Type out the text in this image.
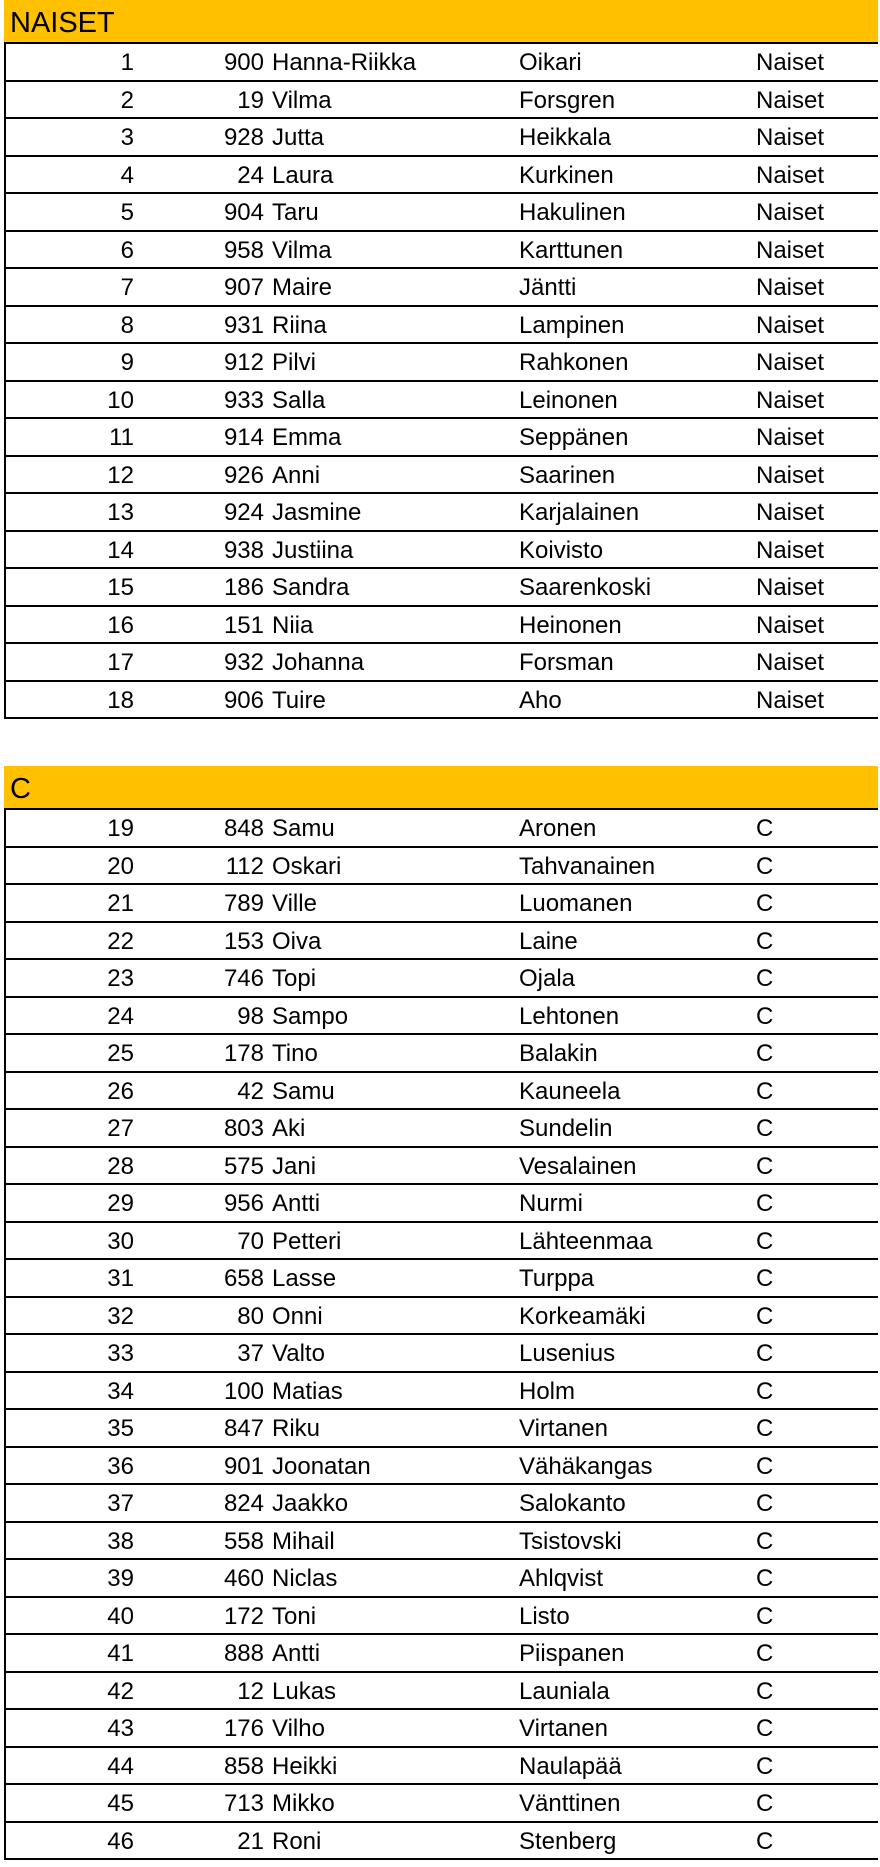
NAISET
1	900 Hanna-Riikka	Oikari	Naiset
2	19 Vilma	Forsgren	Naiset
3	928 Jutta	Heikkala	Naiset
4	24 Laura	Kurkinen	Naiset
5	904 Taru	Hakulinen	Naiset
6	958 Vilma	Karttunen	Naiset
7	907 Maire	Jäntti	Naiset
8	931 Riina	Lampinen	Naiset
9	912 Pilvi	Rahkonen	Naiset
10	933 Salla	Leinonen	Naiset
11	914 Emma	Seppänen	Naiset
12	926 Anni	Saarinen	Naiset
13	924 Jasmine	Karjalainen	Naiset
14	938 Justiina	Koivisto	Naiset
15	186 Sandra	Saarenkoski	Naiset
16	151 Niia	Heinonen	Naiset
17	932 Johanna	Forsman	Naiset
18	906 Tuire	Aho	Naiset
C
19	848 Samu	Aronen	C
20	112 Oskari	Tahvanainen	C
21	789 Ville	Luomanen	C
22	153 Oiva	Laine	C
23	746 Topi	Ojala	C
24	98 Sampo	Lehtonen	C
25	178 Tino	Balakin	C
26	42 Samu	Kauneela	C
27	803 Aki	Sundelin	C
28	575 Jani	Vesalainen	C
29	956 Antti	Nurmi	C
30	70 Petteri	Lähteenmaa	C
31	658 Lasse	Turppa	C
32	80 Onni	Korkeamäki	C
33	37 Valto	Lusenius	C
34	100 Matias	Holm	C
35	847 Riku	Virtanen	C
36	901 Joonatan	Vähäkangas	C
37	824 Jaakko	Salokanto	C
38	558 Mihail	Tsistovski	C
39	460 Niclas	Ahlqvist	C
40	172 Toni	Listo	C
41	888 Antti	Piispanen	C
42	12 Lukas	Launiala	C
43	176 Vilho	Virtanen	C
44	858 Heikki	Naulapää	C
45	713 Mikko	Vänttinen	C
46	21 Roni	Stenberg	C
